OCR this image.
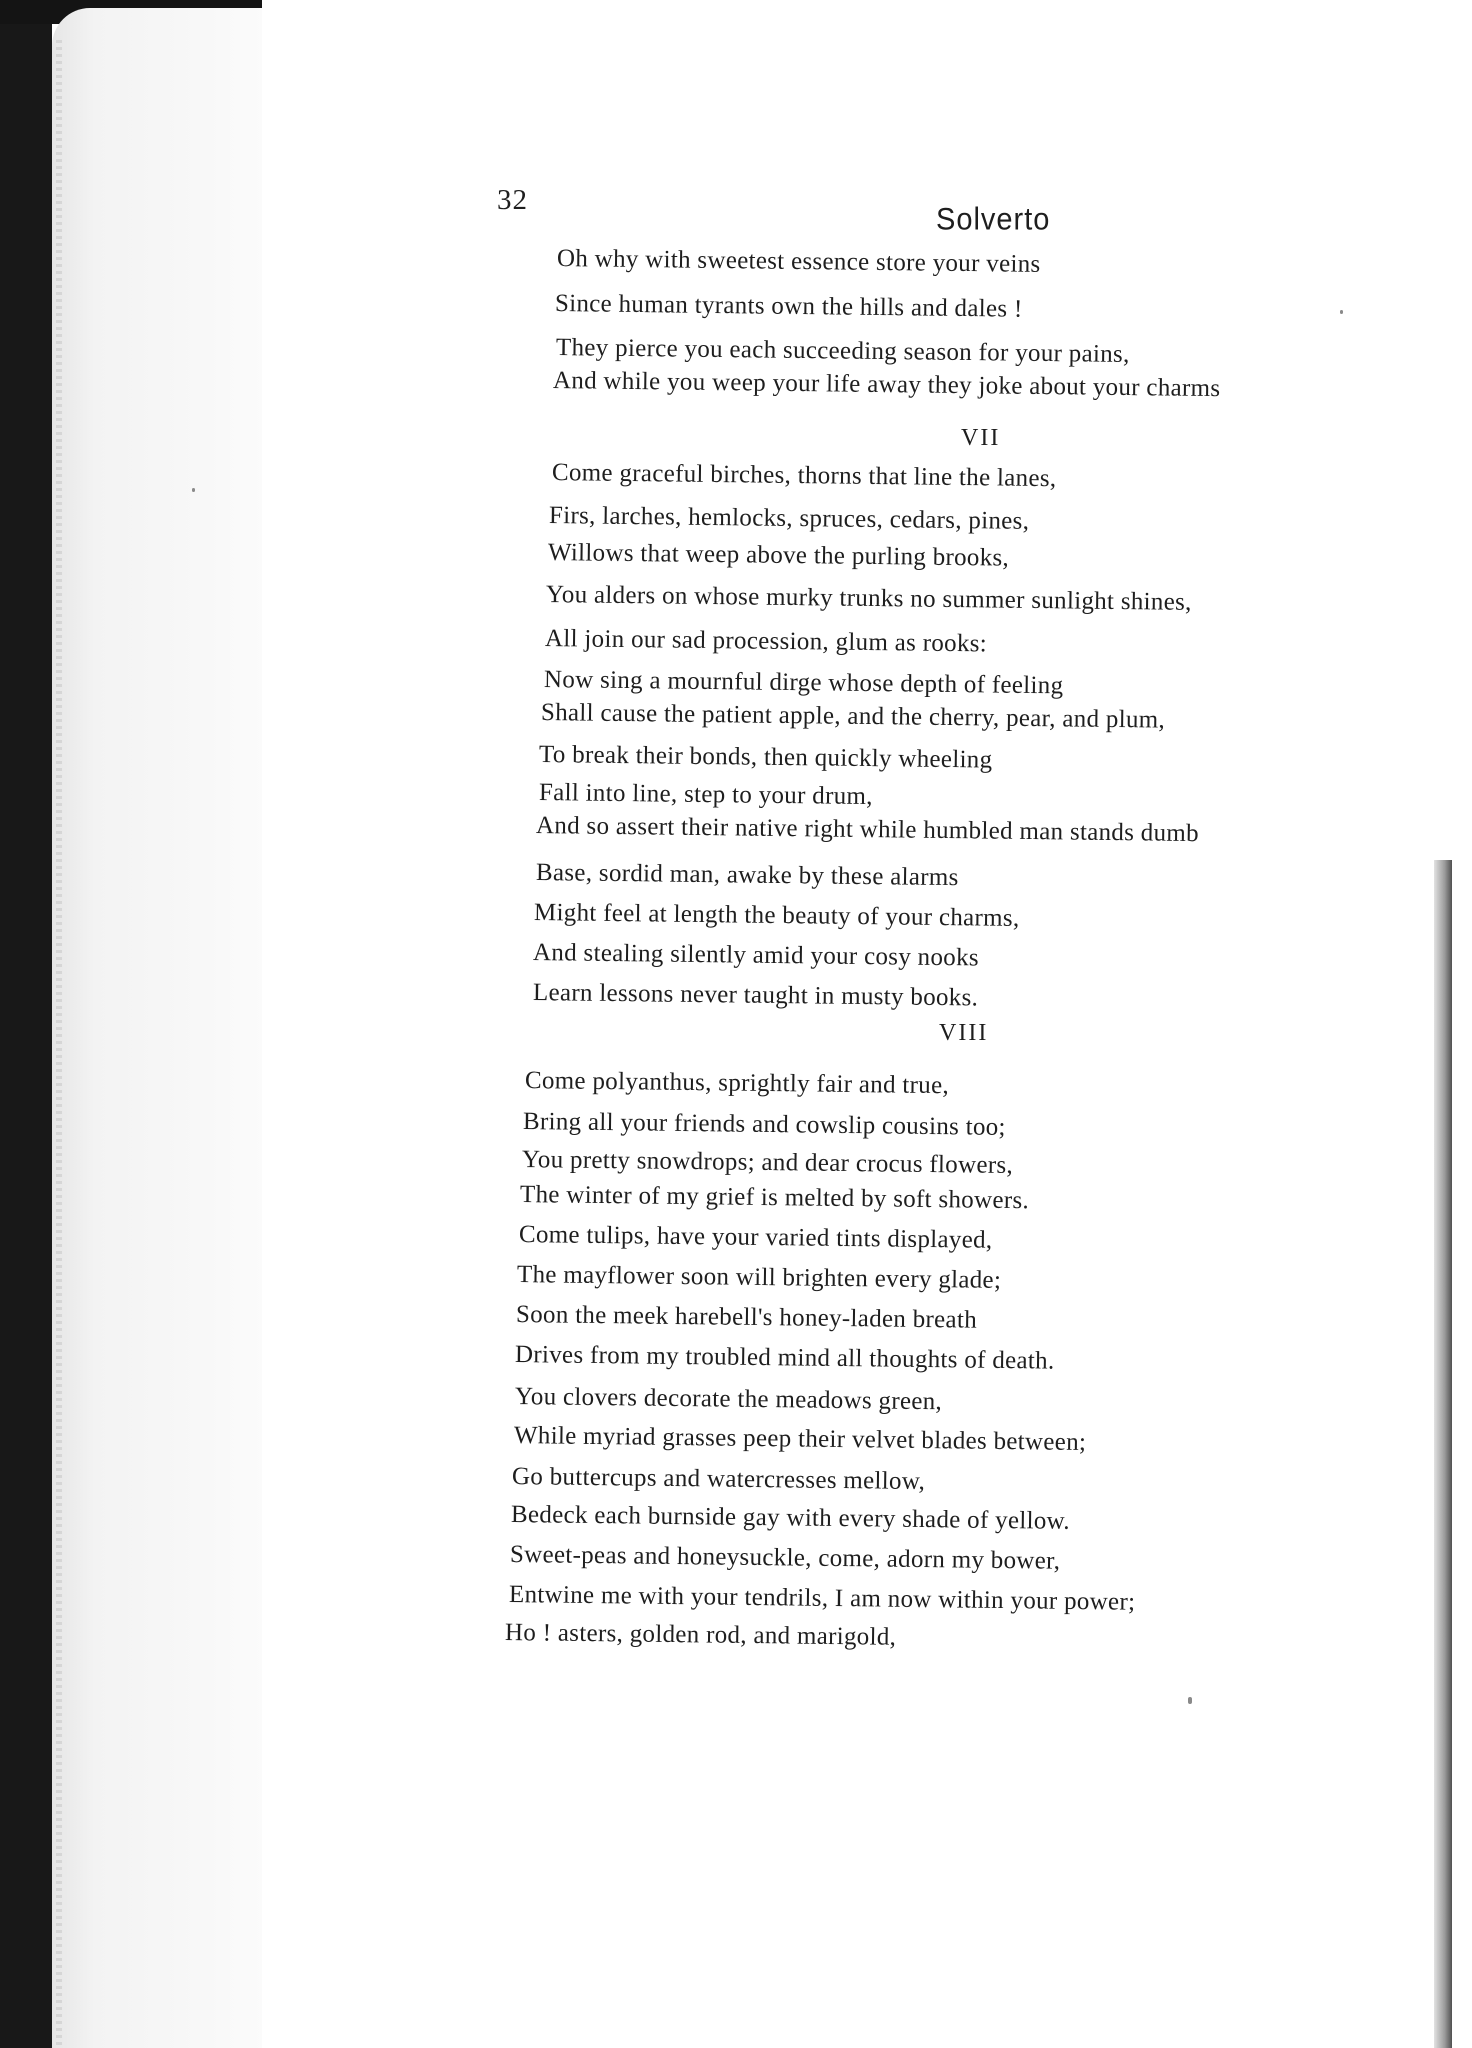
32
Solverto
Oh why with sweetest essence store your veins
Since human tyrants own the hills and dales !
They pierce you each succeeding season for your pains,
And while you weep your life away they joke about your charms
VII
Come graceful birches, thorns that line the lanes,
Firs, larches, hemlocks, spruces, cedars, pines,
Willows that weep above the purling brooks,
You alders on whose murky trunks no summer sunlight shines,
All join our sad procession, glum as rooks:
Now sing a mournful dirge whose depth of feeling
Shall cause the patient apple, and the cherry, pear, and plum,
To break their bonds, then quickly wheeling
Fall into line, step to your drum,
And so assert their native right while humbled man stands dumb
Base, sordid man, awake by these alarms
Might feel at length the beauty of your charms,
And stealing silently amid your cosy nooks
Learn lessons never taught in musty books.
VIII
Come polyanthus, sprightly fair and true,
Bring all your friends and cowslip cousins too;
You pretty snowdrops; and dear crocus flowers,
The winter of my grief is melted by soft showers.
Come tulips, have your varied tints displayed,
The mayflower soon will brighten every glade;
Soon the meek harebell's honey-laden breath
Drives from my troubled mind all thoughts of death.
You clovers decorate the meadows green,
While myriad grasses peep their velvet blades between;
Go buttercups and watercresses mellow,
Bedeck each burnside gay with every shade of yellow.
Sweet-peas and honeysuckle, come, adorn my bower,
Entwine me with your tendrils, I am now within your power;
Ho ! asters, golden rod, and marigold,
